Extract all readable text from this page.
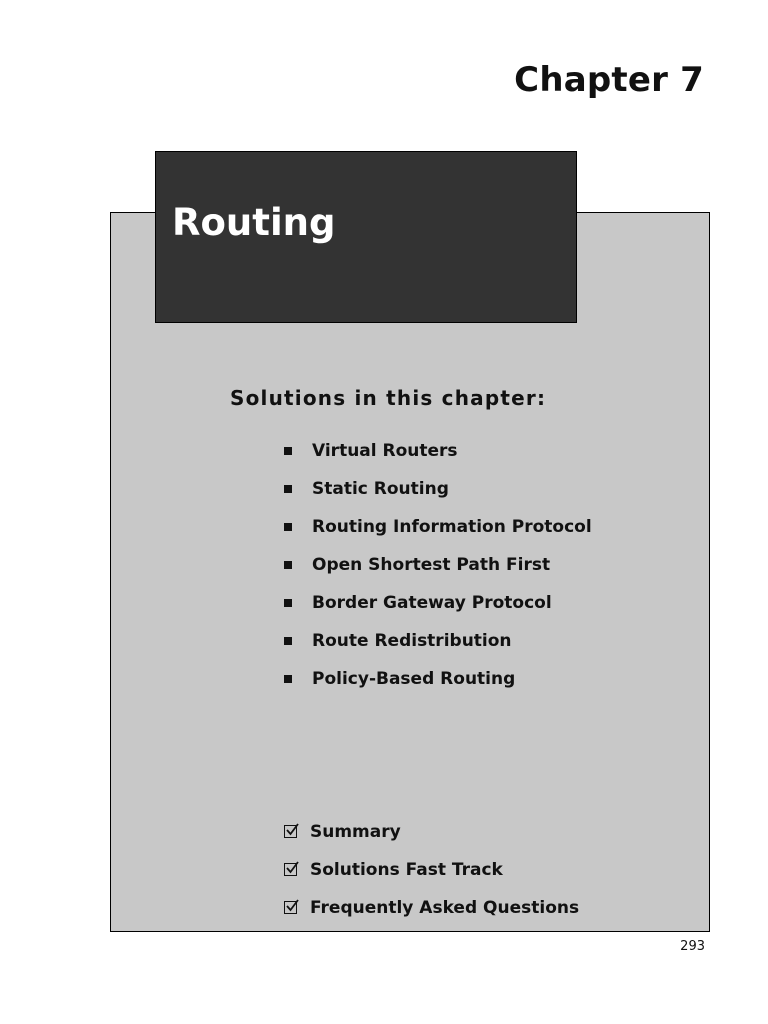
Chapter 7
Routing
Solutions in this chapter:
Virtual Routers
Static Routing
Routing Information Protocol
Open Shortest Path First
Border Gateway Protocol
Route Redistribution
Policy-Based Routing
Summary
Solutions Fast Track
Frequently Asked Questions
293
